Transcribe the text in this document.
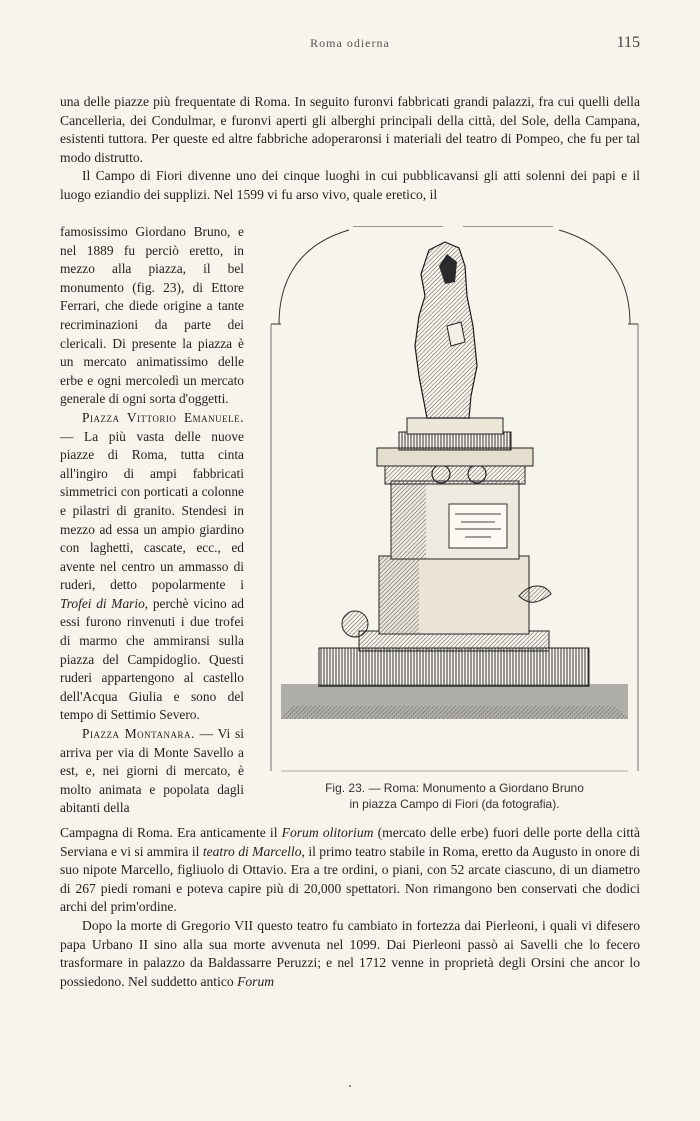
Roma odierna	115

una delle piazze più frequentate di Roma. In seguito furonvi fabbricati grandi palazzi, fra cui quelli della Cancelleria, dei Condulmar, e furonvi aperti gli alberghi principali della città, del Sole, della Campana, esistenti tuttora. Per queste ed altre fabbriche adoperaronsi i materiali del teatro di Pompeo, che fu per tal modo distrutto.

Il Campo di Fiori divenne uno dei cinque luoghi in cui pubblicavansi gli atti solenni dei papi e il luogo eziandio dei supplizi. Nel 1599 vi fu arso vivo, quale eretico, il

famosissimo Giordano Bruno, e nel 1889 fu perciò eretto, in mezzo alla piazza, il bel monumento (fig. 23), di Ettore Ferrari, che diede origine a tante recriminazioni da parte dei clericali. Di presente la piazza è un mercato animatissimo delle erbe e ogni mercoledì un mercato generale di ogni sorta d'oggetti.

Piazza Vittorio Emanuele. — La più vasta delle nuove piazze di Roma, tutta cinta all'ingiro di ampi fabbricati simmetrici con porticati a colonne e pilastri di granito. Stendesi in mezzo ad essa un ampio giardino con laghetti, cascate, ecc., ed avente nel centro un ammasso di ruderi, detto popolarmente i Trofei di Mario, perchè vicino ad essi furono rinvenuti i due trofei di marmo che ammiransi sulla piazza del Campidoglio. Questi ruderi appartengono al castello dell'Acqua Giulia e sono del tempo di Settimio Severo.

Piazza Montanara. — Vi si arriva per via di Monte Savello a est, e, nei giorni di mercato, è molto animata e popolata dagli abitanti della

Fig. 23. — Roma: Monumento a Giordano Bruno
in piazza Campo di Fiori (da fotografia).

Campagna di Roma. Era anticamente il Forum olitorium (mercato delle erbe) fuori delle porte della città Serviana e vi si ammira il teatro di Marcello, il primo teatro stabile in Roma, eretto da Augusto in onore di suo nipote Marcello, figliuolo di Ottavio. Era a tre ordini, o piani, con 52 arcate ciascuno, di un diametro di 267 piedi romani e poteva capire più di 20,000 spettatori. Non rimangono ben conservati che dodici archi del prim'ordine.

Dopo la morte di Gregorio VII questo teatro fu cambiato in fortezza dai Pierleoni, i quali vi difesero papa Urbano II sino alla sua morte avvenuta nel 1099. Dai Pierleoni passò ai Savelli che lo fecero trasformare in palazzo da Baldassarre Peruzzi; e nel 1712 venne in proprietà degli Orsini che ancor lo possiedono. Nel suddetto antico Forum
